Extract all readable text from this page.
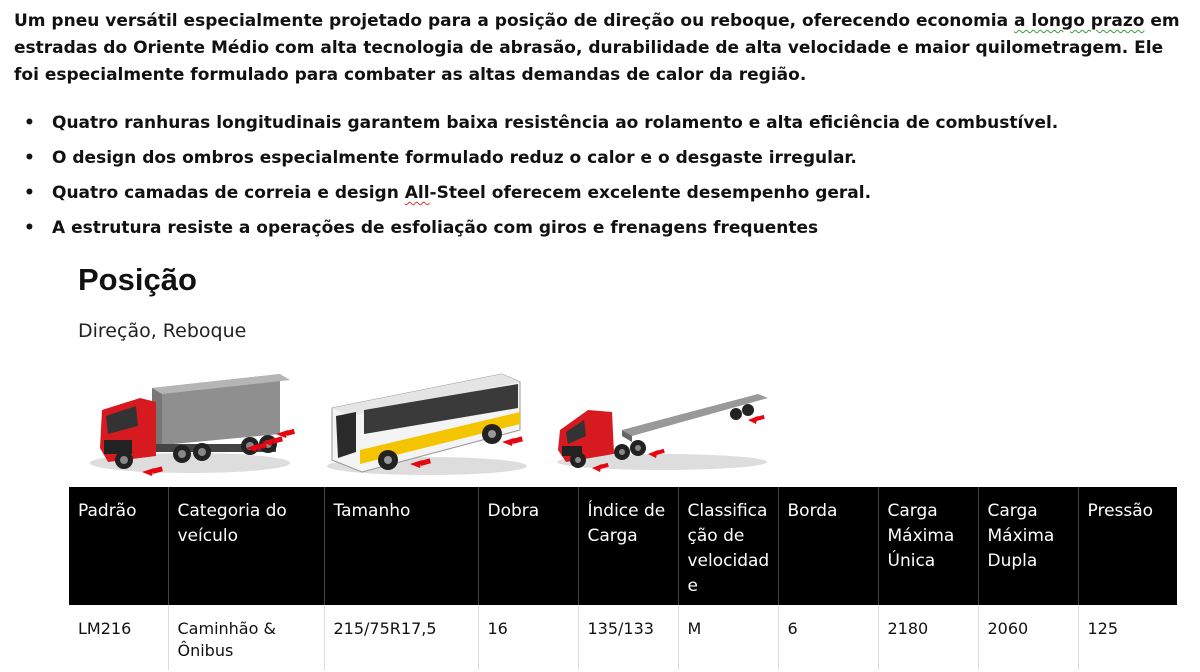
Um pneu versátil especialmente projetado para a posição de direção ou reboque, oferecendo economia a longo prazo em estradas do Oriente Médio com alta tecnologia de abrasão, durabilidade de alta velocidade e maior quilometragem. Ele foi especialmente formulado para combater as altas demandas de calor da região.

• Quatro ranhuras longitudinais garantem baixa resistência ao rolamento e alta eficiência de combustível.
• O design dos ombros especialmente formulado reduz o calor e o desgaste irregular.
• Quatro camadas de correia e design All-Steel oferecem excelente desempenho geral.
• A estrutura resiste a operações de esfoliação com giros e frenagens frequentes
Posição
Direção, Reboque
Padrão	Categoria do veículo	Tamanho	Dobra	Índice de Carga	Classificação de velocidade	Borda	Carga Máxima Única	Carga Máxima Dupla	Pressão
LM216	Caminhão & Ônibus	215/75R17,5	16	135/133	M	6	2180	2060	125
